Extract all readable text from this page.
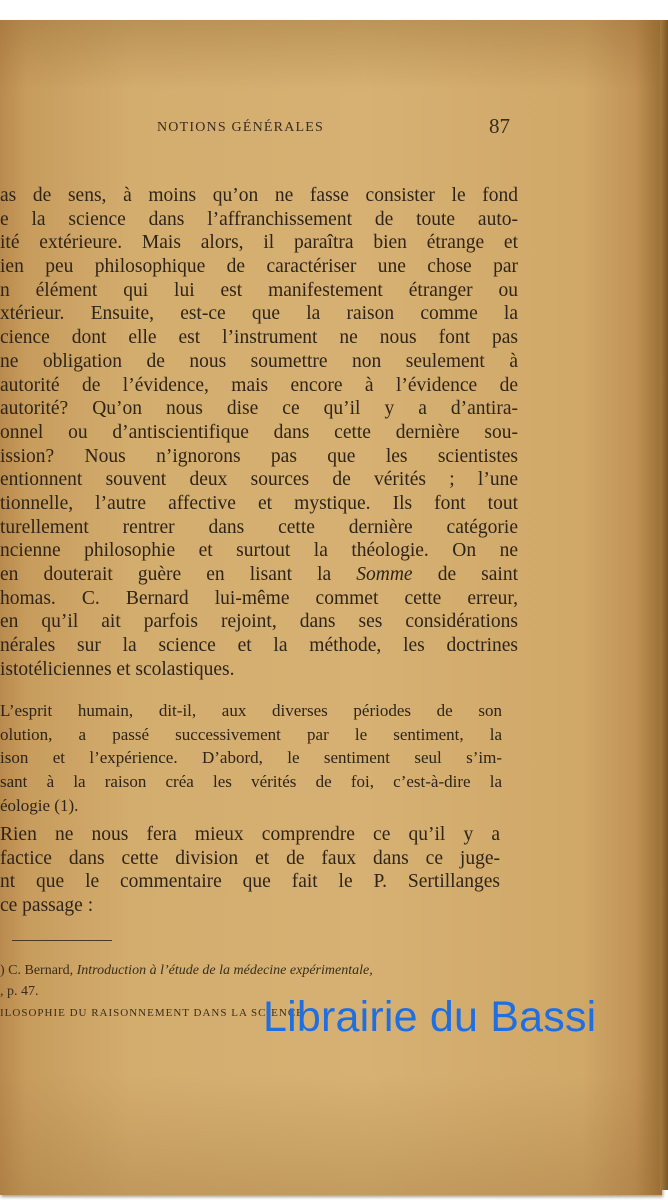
NOTIONS GÉNÉRALES	87
as de sens, à moins qu’on ne fasse consister le fond
e la science dans l’affranchissement de toute auto-
ité extérieure. Mais alors, il paraîtra bien étrange et
ien peu philosophique de caractériser une chose par
n élément qui lui est manifestement étranger ou
xtérieur. Ensuite, est-ce que la raison comme la
cience dont elle est l’instrument ne nous font pas
ne obligation de nous soumettre non seulement à
autorité de l’évidence, mais encore à l’évidence de
autorité? Qu’on nous dise ce qu’il y a d’antira-
onnel ou d’antiscientifique dans cette dernière sou-
ission? Nous n’ignorons pas que les scientistes
entionnent souvent deux sources de vérités ; l’une
tionnelle, l’autre affective et mystique. Ils font tout
turellement rentrer dans cette dernière catégorie
ncienne philosophie et surtout la théologie. On ne
en douterait guère en lisant la Somme de saint
homas. C. Bernard lui-même commet cette erreur,
en qu’il ait parfois rejoint, dans ses considérations
nérales sur la science et la méthode, les doctrines
istotéliciennes et scolastiques.
L’esprit humain, dit-il, aux diverses périodes de son
olution, a passé successivement par le sentiment, la
ison et l’expérience. D’abord, le sentiment seul s’im-
sant à la raison créa les vérités de foi, c’est-à-dire la
éologie (1).
Rien ne nous fera mieux comprendre ce qu’il y a
factice dans cette division et de faux dans ce juge-
nt que le commentaire que fait le P. Sertillanges
ce passage :
) C. Bernard, Introduction à l’étude de la médecine expérimentale,
, p. 47.
ILOSOPHIE DU RAISONNEMENT DANS LA SCIENCE
Librairie du Bassi
